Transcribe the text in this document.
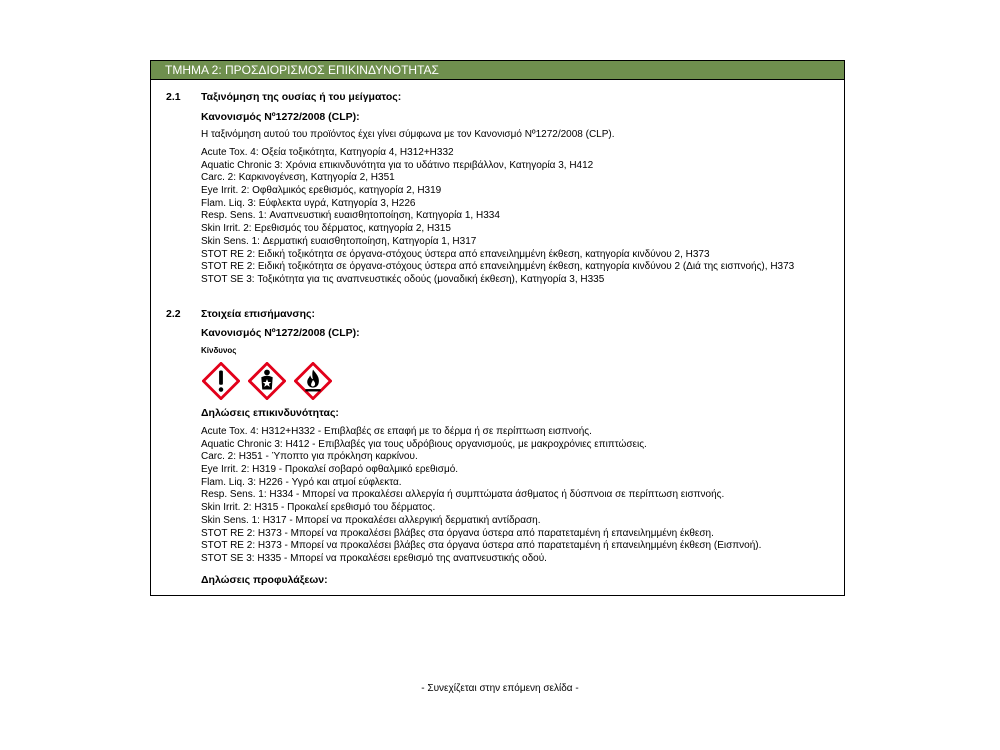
ΤΜΗΜΑ 2: ΠΡΟΣΔΙΟΡΙΣΜΟΣ ΕΠΙΚΙΝΔΥΝΟΤΗΤΑΣ
2.1 Ταξινόμηση της ουσίας ή του μείγματος:
Κανονισμός Nº1272/2008 (CLP):
Η ταξινόμηση αυτού του προϊόντος έχει γίνει σύμφωνα με τον Κανονισμό Nº1272/2008 (CLP).
Acute Tox. 4: Οξεία τοξικότητα, Κατηγορία 4, H312+H332
Aquatic Chronic 3: Χρόνια επικινδυνότητα για το υδάτινο περιβάλλον, Κατηγορία 3, H412
Carc. 2: Καρκινογένεση, Κατηγορία 2, H351
Eye Irrit. 2: Οφθαλμικός ερεθισμός, κατηγορία 2, H319
Flam. Liq. 3: Εύφλεκτα υγρά, Κατηγορία 3, H226
Resp. Sens. 1: Αναπνευστική ευαισθητοποίηση, Κατηγορία 1, H334
Skin Irrit. 2: Ερεθισμός του δέρματος, κατηγορία 2, H315
Skin Sens. 1: Δερματική ευαισθητοποίηση, Κατηγορία 1, H317
STOT RE 2: Ειδική τοξικότητα σε όργανα-στόχους ύστερα από επανειλημμένη έκθεση, κατηγορία κινδύνου 2, H373
STOT RE 2: Ειδική τοξικότητα σε όργανα-στόχους ύστερα από επανειλημμένη έκθεση, κατηγορία κινδύνου 2 (Διά της εισπνοής), H373
STOT SE 3: Τοξικότητα για τις αναπνευστικές οδούς (μοναδική έκθεση), Κατηγορία 3, H335
2.2 Στοιχεία επισήμανσης:
Κανονισμός Nº1272/2008 (CLP):
Κίνδυνος
Δηλώσεις επικινδυνότητας:
Acute Tox. 4: H312+H332 - Επιβλαβές σε επαφή με το δέρμα ή σε περίπτωση εισπνοής.
Aquatic Chronic 3: H412 - Επιβλαβές για τους υδρόβιους οργανισμούς, με μακροχρόνιες επιπτώσεις.
Carc. 2: H351 - Ύποπτο για πρόκληση καρκίνου.
Eye Irrit. 2: H319 - Προκαλεί σοβαρό οφθαλμικό ερεθισμό.
Flam. Liq. 3: H226 - Υγρό και ατμοί εύφλεκτα.
Resp. Sens. 1: H334 - Μπορεί να προκαλέσει αλλεργία ή συμπτώματα άσθματος ή δύσπνοια σε περίπτωση εισπνοής.
Skin Irrit. 2: H315 - Προκαλεί ερεθισμό του δέρματος.
Skin Sens. 1: H317 - Μπορεί να προκαλέσει αλλεργική δερματική αντίδραση.
STOT RE 2: H373 - Μπορεί να προκαλέσει βλάβες στα όργανα ύστερα από παρατεταμένη ή επανειλημμένη έκθεση.
STOT RE 2: H373 - Μπορεί να προκαλέσει βλάβες στα όργανα ύστερα από παρατεταμένη ή επανειλημμένη έκθεση (Εισπνοή).
STOT SE 3: H335 - Μπορεί να προκαλέσει ερεθισμό της αναπνευστικής οδού.
Δηλώσεις προφυλάξεων:
- Συνεχίζεται στην επόμενη σελίδα -
